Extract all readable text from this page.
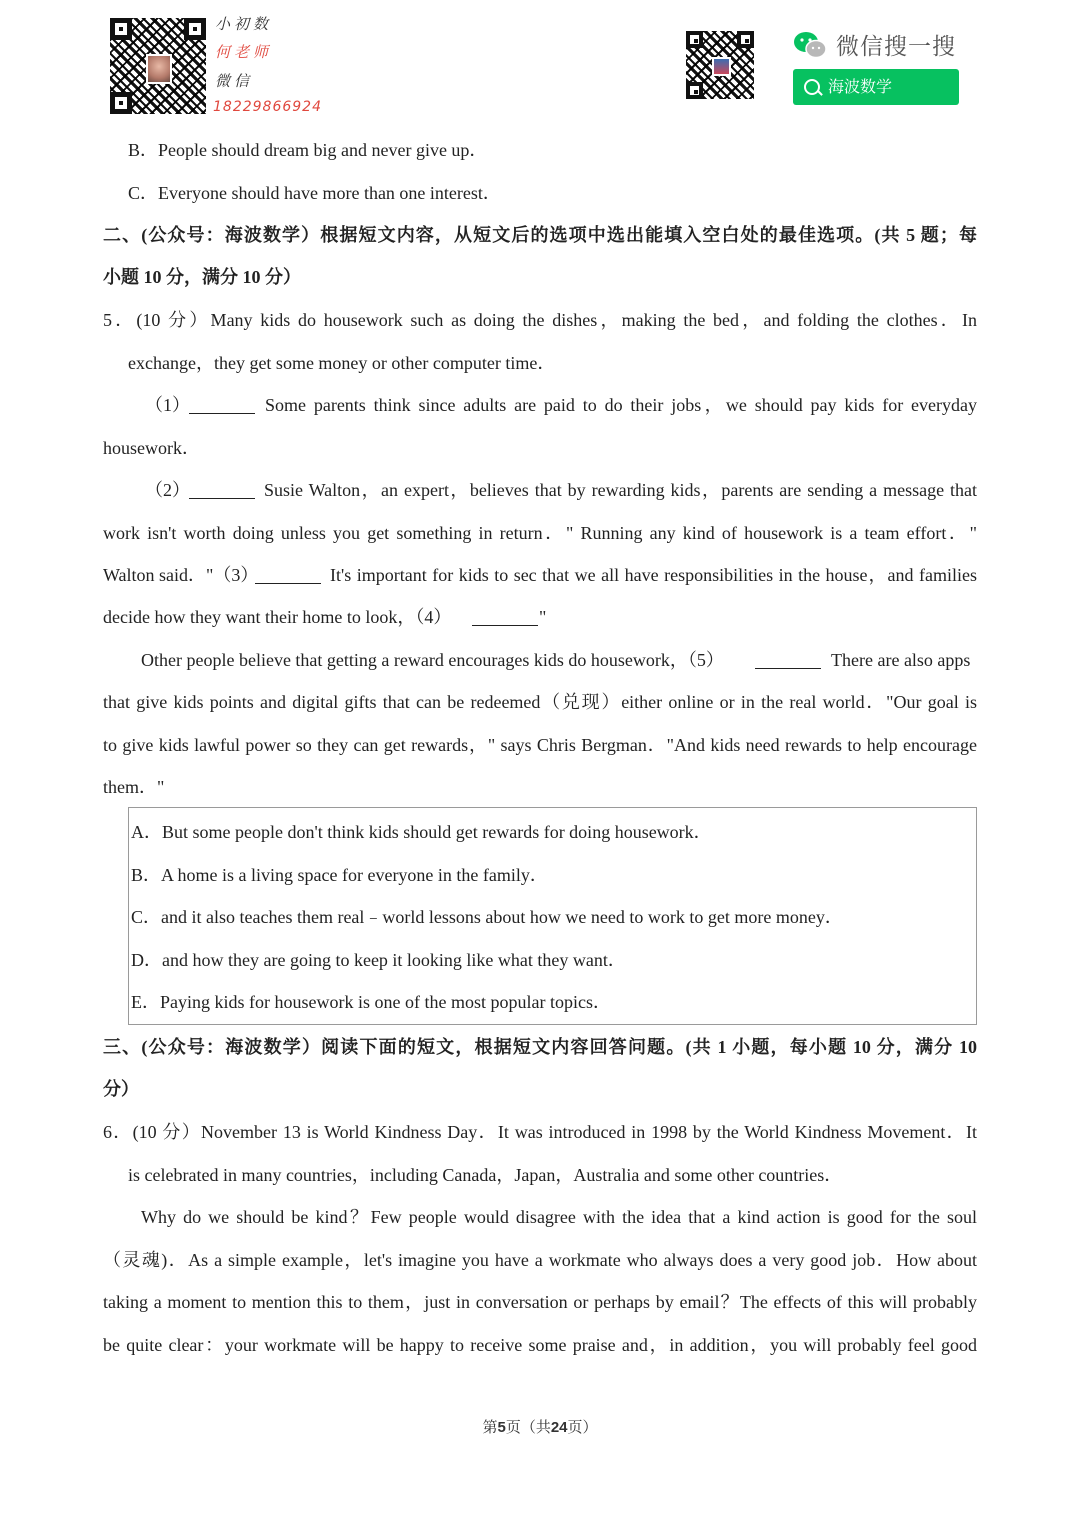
小初数
何老师
微信
18229866924
微信搜一搜
海波数学
B．People should dream big and never give up．
C．Everyone should have more than one interest．
二、(公众号：海波数学）根据短文内容，从短文后的选项中选出能填入空白处的最佳选项。(共 5 题；每
小题 10 分，满分 10 分）
5．(10 分）Many kids do housework such as doing the dishes，making the bed，and folding the clothes．In
exchange，they get some money or other computer time．
（1）	Some parents think since adults are paid to do their jobs，we should pay kids for everyday
housework．
（2）	Susie Walton，an expert，believes that by rewarding kids，parents are sending a message that
work isn't worth doing unless you get something in return．" Running any kind of housework is a team effort．"
Walton said．"（3）	It's important for kids to sec that we all have responsibilities in the house，and families
decide how they want their home to look，（4）	"
Other people believe that getting a reward encourages kids do housework，（5）	There are also apps
that give kids points and digital gifts that can be redeemed（兑现）either online or in the real world．"Our goal is
to give kids lawful power so they can get rewards，" says Chris Bergman．"And kids need rewards to help encourage
them．"
A．But some people don't think kids should get rewards for doing housework．
B．A home is a living space for everyone in the family．
C．and it also teaches them real﹣world lessons about how we need to work to get more money．
D．and how they are going to keep it looking like what they want．
E．Paying kids for housework is one of the most popular topics．
三、(公众号：海波数学）阅读下面的短文，根据短文内容回答问题。(共 1 小题，每小题 10 分，满分 10
分）
6．(10 分）November 13 is World Kindness Day．It was introduced in 1998 by the World Kindness Movement．It
is celebrated in many countries，including Canada，Japan，Australia and some other countries．
Why do we should be kind？Few people would disagree with the idea that a kind action is good for the soul
（灵魂)．As a simple example，let's imagine you have a workmate who always does a very good job．How about
taking a moment to mention this to them，just in conversation or perhaps by email？The effects of this will probably
be quite clear：your workmate will be happy to receive some praise and，in addition，you will probably feel good
第5页（共24页）
